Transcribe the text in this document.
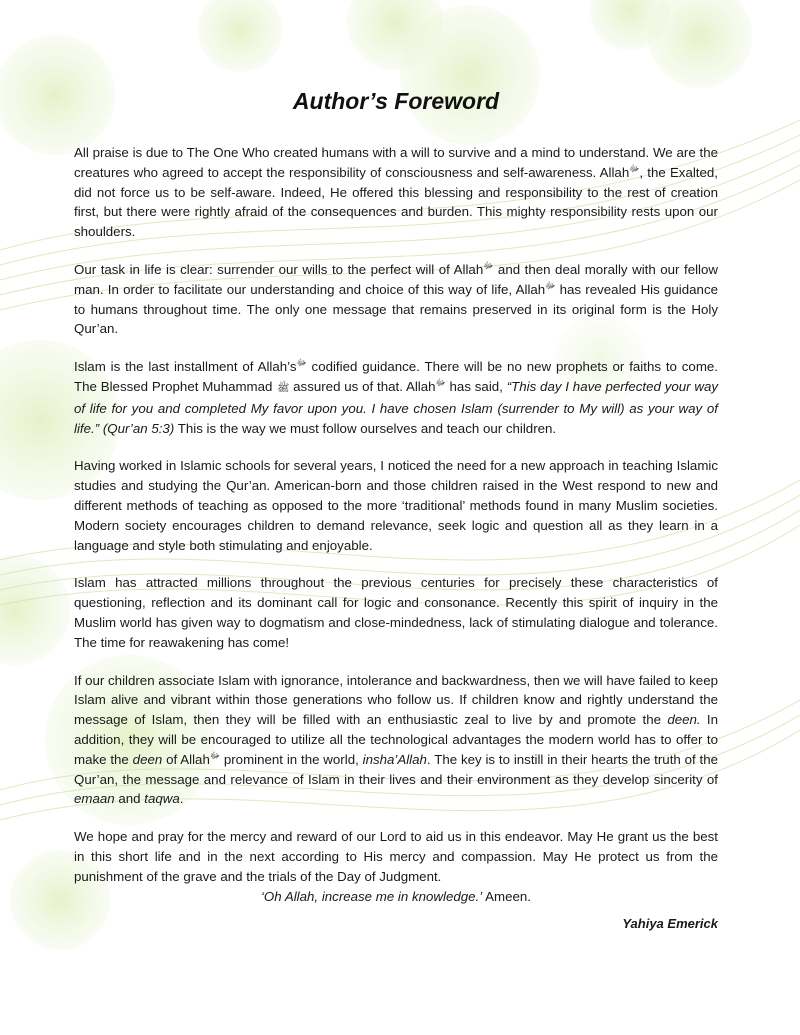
Author’s Foreword

All praise is due to The One Who created humans with a will to survive and a mind to understand. We are the creatures who agreed to accept the responsibility of consciousness and self-awareness. Allah$^ﷻ$, the Exalted, did not force us to be self-aware. Indeed, He offered this blessing and responsibility to the rest of creation first, but there were rightly afraid of the consequences and burden. This mighty responsibility rests upon our shoulders.

Our task in life is clear: surrender our wills to the perfect will of Allah$^ﷻ$ and then deal morally with our fellow man. In order to facilitate our understanding and choice of this way of life, Allah$^ﷻ$ has revealed His guidance to humans throughout time. The only one message that remains preserved in its original form is the Holy Qur’an.

Islam is the last installment of $Allah’s^ﷻ$ codified guidance. There will be no new prophets or faiths to come. The Blessed Prophet Muhammad ﷺ assured us of that. Allah$^ﷻ$ has said, “This day I have perfected your way of life for you and completed My favor upon you. I have chosen Islam (surrender to My will) as your way of life.” (Qur’an 5:3) This is the way we must follow ourselves and teach our children.

Having worked in Islamic schools for several years, I noticed the need for a new approach in teaching Islamic studies and studying the Qur’an. American-born and those children raised in the West respond to new and different methods of teaching as opposed to the more ‘traditional’ methods found in many Muslim societies. Modern society encourages children to demand relevance, seek logic and question all as they learn in a language and style both stimulating and enjoyable.

Islam has attracted millions throughout the previous centuries for precisely these characteristics of questioning, reflection and its dominant call for logic and consonance. Recently this spirit of inquiry in the Muslim world has given way to dogmatism and close-mindedness, lack of stimulating dialogue and tolerance. The time for reawakening has come!

If our children associate Islam with ignorance, intolerance and backwardness, then we will have failed to keep Islam alive and vibrant within those generations who follow us. If children know and rightly understand the message of Islam, then they will be filled with an enthusiastic zeal to live by and promote the deen. In addition, they will be encouraged to utilize all the technological advantages the modern world has to offer to make the deen of Allah$^ﷻ$ prominent in the world, insha’Allah. The key is to instill in their hearts the truth of the Qur’an, the message and relevance of Islam in their lives and their environment as they develop sincerity of emaan and taqwa.

We hope and pray for the mercy and reward of our Lord to aid us in this endeavor. May He grant us the best in this short life and in the next according to His mercy and compassion. May He protect us from the punishment of the grave and the trials of the Day of Judgment.

‘Oh Allah, increase me in knowledge.’ Ameen.
Yahiya Emerick
